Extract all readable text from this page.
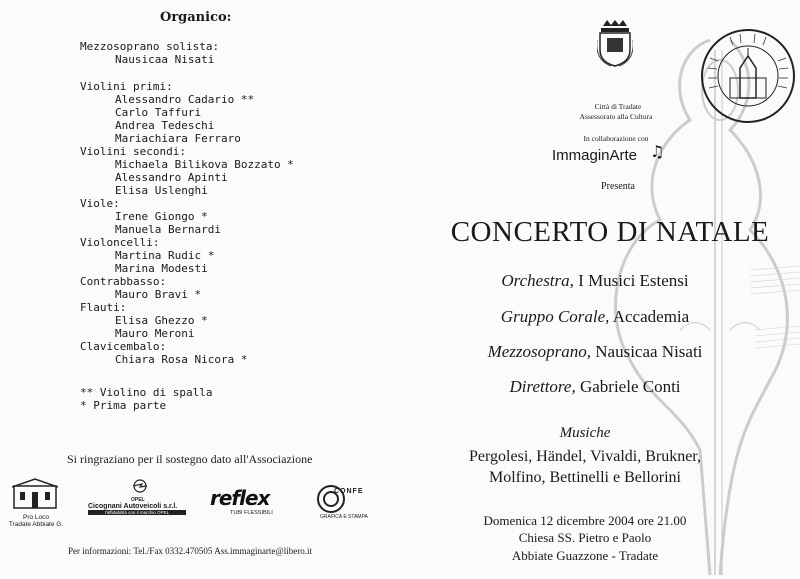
Organico:
Mezzosoprano solista:
Nausicaa Nisati
Violini primi:
Alessandro Cadario **
Carlo Taffuri
Andrea Tedeschi
Mariachiara Ferraro
Violini secondi:
Michaela Bilikova Bozzato *
Alessandro Apinti
Elisa Uslenghi
Viole:
Irene Giongo *
Manuela Bernardi
Violoncelli:
Martina Rudic *
Marina Modesti
Contrabbasso:
Mauro Bravi *
Flauti:
Elisa Ghezzo *
Mauro Meroni
Clavicembalo:
Chiara Rosa Nicora *
** Violino di spalla
* Prima parte
Si ringraziano per il sostegno dato all'Associazione
Pro Loco
Tradate Abbiate G.
OPEL
Cicognani Autoveicoli s.r.l.
l'affidabilità con il marchio OPEL
reflex
TUBI FLESSIBILI
CONFE
GRAFICA E STAMPA
Per informazioni: Tel./Fax 0332.470505 Ass.immaginarte@libero.it
Città di Tradate
Assessorato alla Cultura
In collaborazione con
ImmaginArte ♫
Presenta
CONCERTO DI NATALE
Orchestra, I Musici Estensi
Gruppo Corale, Accademia
Mezzosoprano, Nausicaa Nisati
Direttore, Gabriele Conti
Musiche
Pergolesi, Händel, Vivaldi, Brukner,
Molfino, Bettinelli e Bellorini
Domenica 12 dicembre 2004 ore 21.00
Chiesa SS. Pietro e Paolo
Abbiate Guazzone - Tradate
